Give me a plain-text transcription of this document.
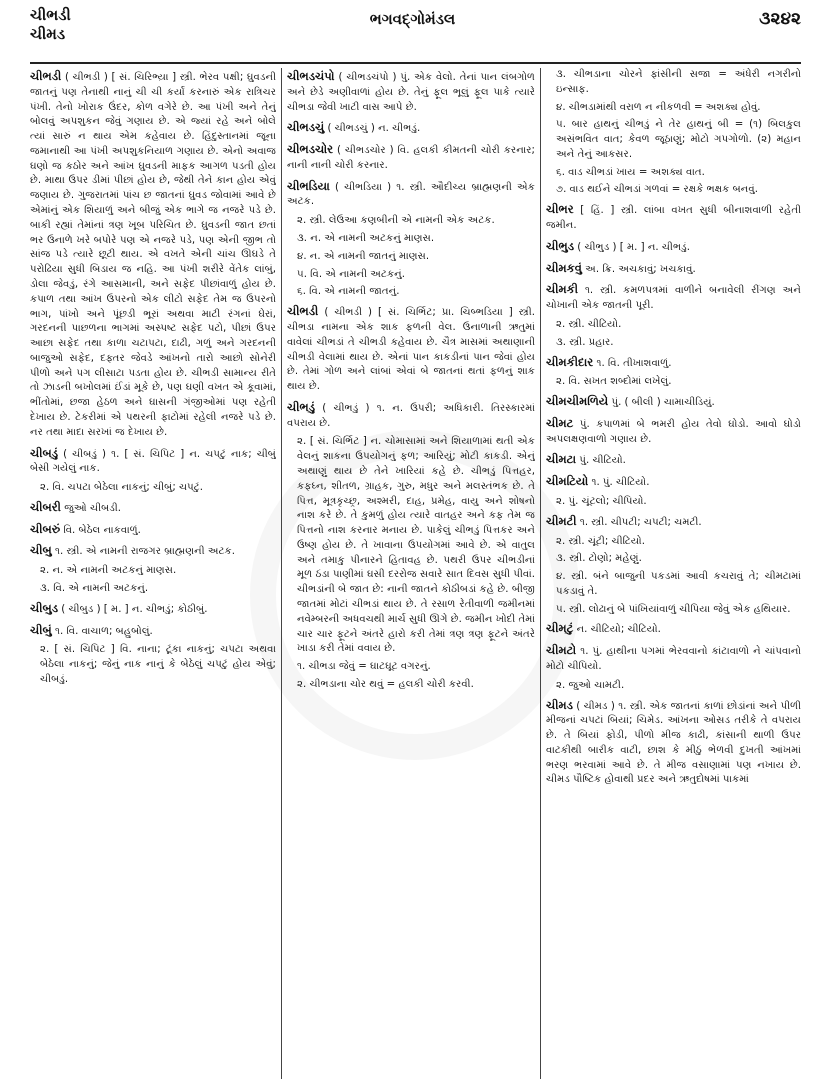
ચીભડી
ચીમડ
ભગવદ્ગોમંડલ	૩૨૪૨

ચીભડી ( ચીભડી ) [ સં. ચિરિભ્ય઼ા ] સ્ત્રી. ભેરવ પક્ષી; ઘુવડની જાતનું પણ તેનાથી નાનું ચી ચી કર્યાં કરનારું એક રાત્રિચર પંખી. તેનો ખોરાક ઉંદર, કોળ વગેરે છે. આ પંખી અને તેનું બોલવું અપશુકન જેવું ગણાય છે. એ જ્યાં રહે અને બોલે ત્યાં સારું ન થાય એમ કહેવાય છે. હિંદુસ્તાનમાં જૂના જમાનાથી આ પંખી અપશુકનિયાળ ગણાય છે. એનો અવાજ ઘણો જ કઠોર અને આંખ ઘુવડની માફક આગળ પડતી હોય છે. માથા ઉપર ડીમાં પીછાં હોય છે, જેથી તેને કાન હોય એવું જણાય છે. ગુજરાતમાં પાંચ છ જાતનાં ઘુવડ જોવામાં આવે છે એમાંનું એક શિયાળું અને બીજું એક ભાગે જ નજરે પડે છે. બાકી રહ્યાં તેમાંનાં ત્રણ ખૂબ પરિચિત છે. ઘુવડની જાત છતાં ભર ઉનાળે ખરે બપોરે પણ એ નજરે પડે, પણ એની જીભ તો સાંજ પડે ત્યારે છૂટી થાય. એ વખતે એની ચાંચ ઊઘડે તે પરોઢિયા સુધી બિડાય જ નહિ. આ પંખી શરીરે વેંતેક લાંબું, ડોલા જેવડું, રંગે આસમાની, અને સફેદ પીછાંવાળું હોય છે. કપાળ તથા આંખ ઉપરનો એક લીટો સફેદ તેમ જ ઉપરનો ભાગ, પાંખો અને પૂંછડી ભૂરાં અથવા માટી રંગનાં ઘેરાં, ગરદનની પાછળના ભાગમાં અસ્પષ્ટ સફેદ પટો, પીછાં ઉપર આછા સફેદ તથા કાળા ચટાપટા, દાઢી, ગળું અને ગરદનની બાજુઓ સફેદ, દફ્તર જેવડે આંખનો તારો આછો સોનેરી પીળો અને પગ લીસાટા પડતા હોય છે. ચીભડી સામાન્ય રીતે તો ઝાડની બખોલમાં ઈંડાં મૂકે છે, પણ ઘણી વખત એ કૂવામાં, ભીંતોમાં, છજા હેઠળ અને ઘાસની ગંજીઓમાં પણ રહેતી દેખાય છે. ટેકરીમાં એ પથરની ફાટોમાં રહેલી નજરે પડે છે. નર તથા માદા સરખાં જ દેખાય છે.

ચીબડું ( ચીબડું ) ૧. [ સં. ચિપિટ ] ન. ચપટું નાક; ચીબું બેસી ગયેલું નાક.

૨. વિ. ચપટા બેઠેલા નાકનું; ચીબું; ચપટું.

ચીબરી જુઓ ચીબડી.

ચીબરું વિ. બેઠેલ નાકવાળું.

ચીબુ ૧. સ્ત્રી. એ નામની રાજગર બ્રાહ્મણની અટક.

૨. ન. એ નામની અટકનું માણસ.

૩. વિ. એ નામની અટકનું.

ચીબુડ ( ચીબુડ ) [ મ. ] ન. ચીભડું; કોઠીબું.

ચીબું ૧. વિ. વાચાળ; બહુબોલું.

૨. [ સં. ચિપિટ ] વિ. નાના; ટૂંકા નાકનું; ચપટા અથવા બેઠેલા નાકનું; જેનું નાક નાનું કે બેઠેલું ચપટું હોય એવું; ચીબડું.

ચીભડચંપો ( ચીભડચંપો ) પું. એક વેલો. તેનાં પાન લંબગોળ અને છેડે અણીવાળાં હોય છે. તેનું ફૂલ ભૂલું ફૂલ પાકે ત્યારે ચીભડા જેવી ખાટી વાસ આપે છે.

ચીભડચું ( ચીભડચું ) ન. ચીભડું.

ચીભડચોર ( ચીભડચોર ) વિ. હલકી કીમતની ચોરી કરનાર; નાની નાની ચોરી કરનાર.

ચીભડિયા ( ચીભડિયા ) ૧. સ્ત્રી. ઔદીચ્ય બ્રાહ્મણની એક અટક.

૨. સ્ત્રી. લેઉઆ કણબીની એ નામની એક અટક.

૩. ન. એ નામની અટકનું માણસ.

૪. ન. એ નામની જાતનું માણસ.

૫. વિ. એ નામની અટકનું.

૬. વિ. એ નામની જાતનું.

ચીભડી ( ચીભડી ) [ સં. ચિર્ભિટ; પ્રા. ચિબ્ભડિયા ] સ્ત્રી. ચીભડા નામના એક શાક ફળની વેલ. ઉનાળાની ઋતુમાં વાવેલાં ચીભડાં તે ચીભડી કહેવાય છે. ચૈત્ર માસમાં અથાણાની ચીભડી વેલામાં થાય છે. એનાં પાન કાકડીનાં પાન જેવાં હોય છે. તેમાં ગોળ અને લાંબાં એવાં બે જાતનાં થતાં ફળનું શાક થાય છે.

ચીભડું ( ચીભડું ) ૧. ન. ઉપરી; અધિકારી. તિરસ્કારમાં વપરાય છે.

૨. [ સં. ચિર્ભિટ ] ન. ચોમાસામાં અને શિયાળામાં થતી એક વેલનું શાકના ઉપયોગનું ફળ; આરિયું; મોટી કાકડી. એનું અથાણું થાય છે તેને ખારિયાં કહે છે. ચીભડું પિત્તહર, કફઘ્ન, શીતળ, ગ્રાહક, ગુરુ, મધુર અને મલસ્તંભક છે. તે પિત્ત, મૂત્રકૃચ્છ્ર, અશ્મરી, દાહ, પ્રમેહ, વાયુ અને શોષનો નાશ કરે છે. તે કુમળું હોય ત્યારે વાતહર અને કફ તેમ જ પિત્તનો નાશ કરનાર મનાય છે. પાકેલું ચીભડું પિત્તકર અને ઉષ્ણ હોય છે. તે ખાવાના ઉપયોગમાં આવે છે. એ વાતુલ અને તમાકુ પીનારને હિતાવહ છે. પથરી ઉપર ચીભડીનાં મૂળ ઠંડા પાણીમાં ઘસી દરરોજ સવારે સાત દિવસ સુધી પીવાં. ચીભડાંની બે જાત છે: નાની જાતને કોઠીબડાં કહે છે. બીજી જાતમાં મોટાં ચીભડાં થાય છે. તે રસાળ રેતીવાળી જમીનમાં નવેમ્બરની અધવચથી માર્ચ સુધી ઊગે છે. જમીન ખોદી તેમાં ચાર ચાર ફૂટને અંતરે હારો કરી તેમાં ત્રણ ત્રણ ફૂટને અંતરે ખાડા કરી તેમાં વવાય છે.

૧. ચીભડા જેવું = ઘાટઘૂટ વગરનું.

૨. ચીભડાના ચોર થવું = હલકી ચોરી કરવી.

૩. ચીભડાના ચોરને ફાંસીની સજા = અંધેરી નગરીનો ઇન્સાફ.

૪. ચીભડામાંથી વરાળ ન નીકળવી = અશક્ય હોવું.

૫. બાર હાથનું ચીભડું ને તેર હાથનું બી = (૧) બિલકુલ અસંભવિત વાત; કેવળ જૂઠાણું; મોટો ગપગોળો. (૨) મહાન અને તેનું આકસર.

૬. વાડ ચીભડાં ખાય = અશક્ય વાત.

૭. વાડ થઈને ચીભડાં ગળવાં = રક્ષકે ભક્ષક બનવું.

ચીભર [ હિં. ] સ્ત્રી. લાંબા વખત સુધી બીનાશવાળી રહેતી જમીન.

ચીભુડ ( ચીભુડ ) [ મ. ] ન. ચીભડું.

ચીમકવું અ. ક્રિ. અચકાવું; ખચકાવું.

ચીમકી ૧. સ્ત્રી. કમળપત્રમાં વાળીને બનાવેલી રીંગણ અને ચોખાની એક જાતની પૂરી.

૨. સ્ત્રી. ચીટિયો.

૩. સ્ત્રી. પ્રહાર.

ચીમકીદાર ૧. વિ. તીખાશવાળું.

૨. વિ. સખત શબ્દોમાં લખેલું.

ચીમચીમળિયે પું. ( બીલી ) ચામાચીડિયું.

ચીમટ પું. કપાળમાં બે ભમરી હોય તેવો ઘોડો. આવો ઘોડો અપલક્ષણવાળો ગણાય છે.

ચીમટા પું. ચીટિયો.

ચીમટિયો ૧. પું. ચીટિયો.

૨. પું. ચૂંટલો; ચીપિયો.

ચીમટી ૧. સ્ત્રી. ચીપટી; ચપટી; ચમટી.

૨. સ્ત્રી. ચૂંટી; ચીટિયો.

૩. સ્ત્રી. ટોણો; મહેણું.

૪. સ્ત્રી. બંને બાજુની પકડમાં આવી કચરાવું તે; ચીમટામાં પકડાવું તે.

૫. સ્ત્રી. લોઢાનું બે પાંખિયાંવાળું ચીપિયા જેવું એક હથિયાર.

ચીમટું ન. ચીટિયો; ચીટિયો.

ચીમટો ૧. પું. હાથીના પગમાં ભેરવવાનો કાંટાવાળો ને ચાંપવાનો મોટો ચીપિયો.

૨. જુઓ ચામટી.

ચીમડ ( ચીમડ ) ૧. સ્ત્રી. એક જાતનાં કાળાં છોડાંનાં અને પીળી મીજનાં ચપટાં બિયાં; ચિમેડ. આંખના ઓસડ તરીકે તે વપરાય છે. તે બિયાં ફોડી, પીળો મીજ કાઢી, કાંસાની થાળી ઉપર વાટકીથી બારીક વાટી, છાશ કે મીઠું ભેળવી દુખતી આંખમાં ભરણ ભરવામાં આવે છે. તે મીજ વસાણામાં પણ નખાય છે. ચીમડ પૌષ્ટિક હોવાથી પ્રદર અને ઋતુદોષમાં પાકમાં
